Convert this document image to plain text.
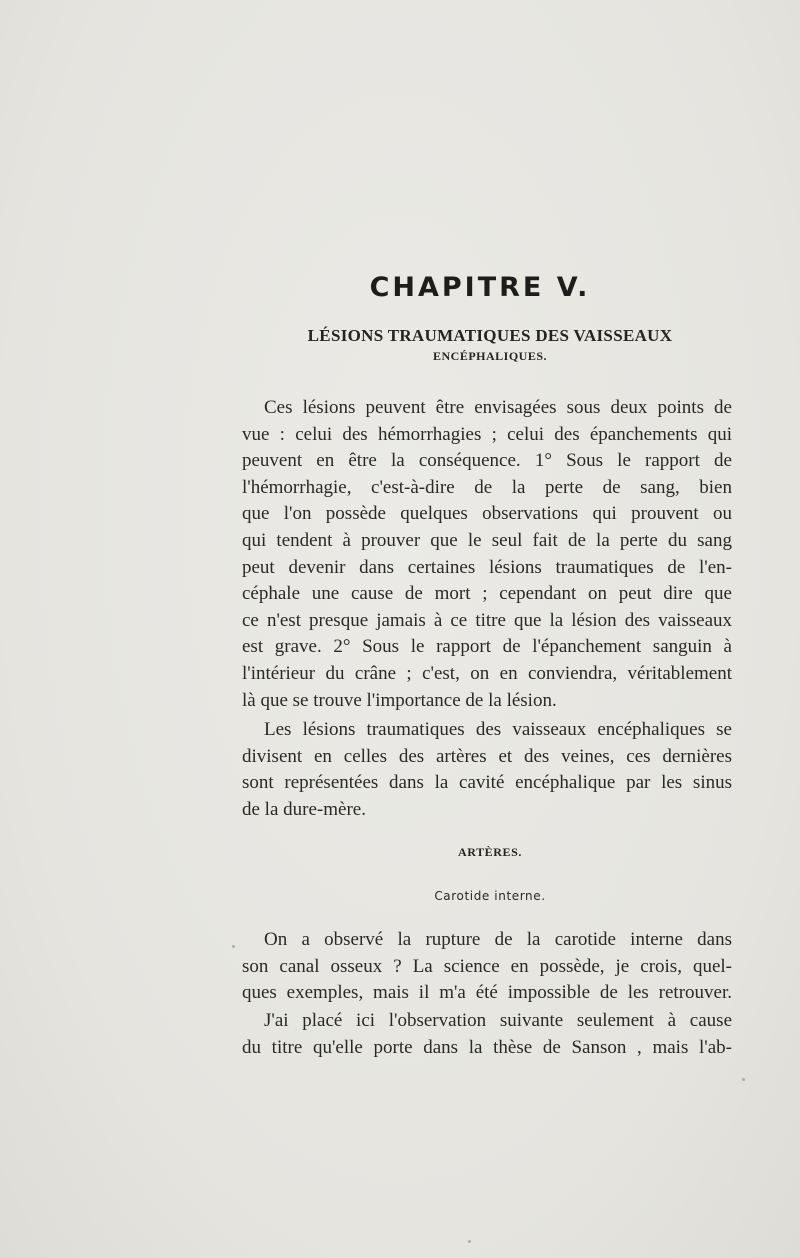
CHAPITRE V.
LÉSIONS TRAUMATIQUES DES VAISSEAUX
ENCÉPHALIQUES.
Ces lésions peuvent être envisagées sous deux points de
vue : celui des hémorrhagies ; celui des épanchements qui
peuvent en être la conséquence. 1° Sous le rapport de
l'hémorrhagie, c'est-à-dire de la perte de sang, bien
que l'on possède quelques observations qui prouvent ou
qui tendent à prouver que le seul fait de la perte du sang
peut devenir dans certaines lésions traumatiques de l'en-
céphale une cause de mort ; cependant on peut dire que
ce n'est presque jamais à ce titre que la lésion des vaisseaux
est grave. 2° Sous le rapport de l'épanchement sanguin à
l'intérieur du crâne ; c'est, on en conviendra, véritablement
là que se trouve l'importance de la lésion.
Les lésions traumatiques des vaisseaux encéphaliques se
divisent en celles des artères et des veines, ces dernières
sont représentées dans la cavité encéphalique par les sinus
de la dure-mère.
ARTÈRES.
Carotide interne.
On a observé la rupture de la carotide interne dans
son canal osseux ? La science en possède, je crois, quel-
ques exemples, mais il m'a été impossible de les retrouver.
J'ai placé ici l'observation suivante seulement à cause
du titre qu'elle porte dans la thèse de Sanson , mais l'ab-
